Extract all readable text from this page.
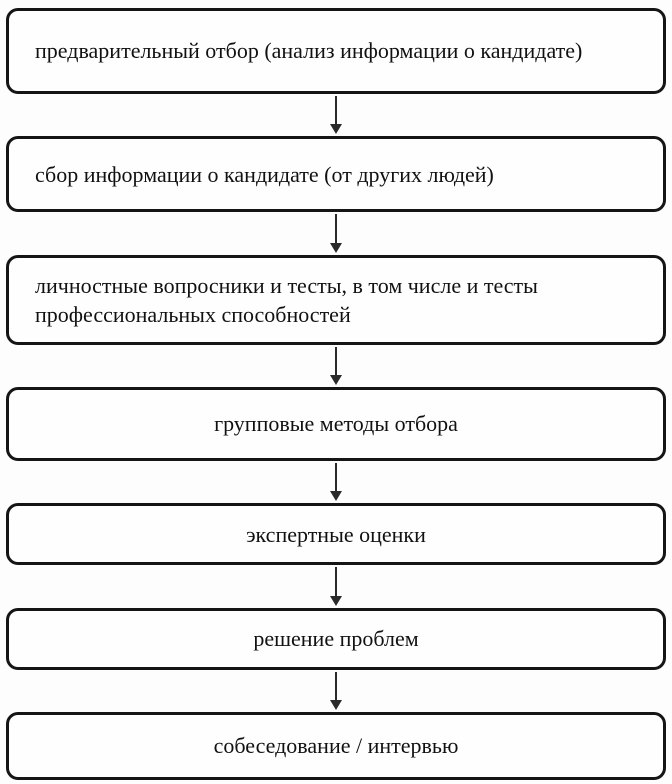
предварительный отбор (анализ информации о кандидате)
сбор информации о кандидате (от других людей)
личностные вопросники и тесты, в том числе и тесты профессиональных способностей
групповые методы отбора
экспертные оценки
решение проблем
собеседование / интервью
